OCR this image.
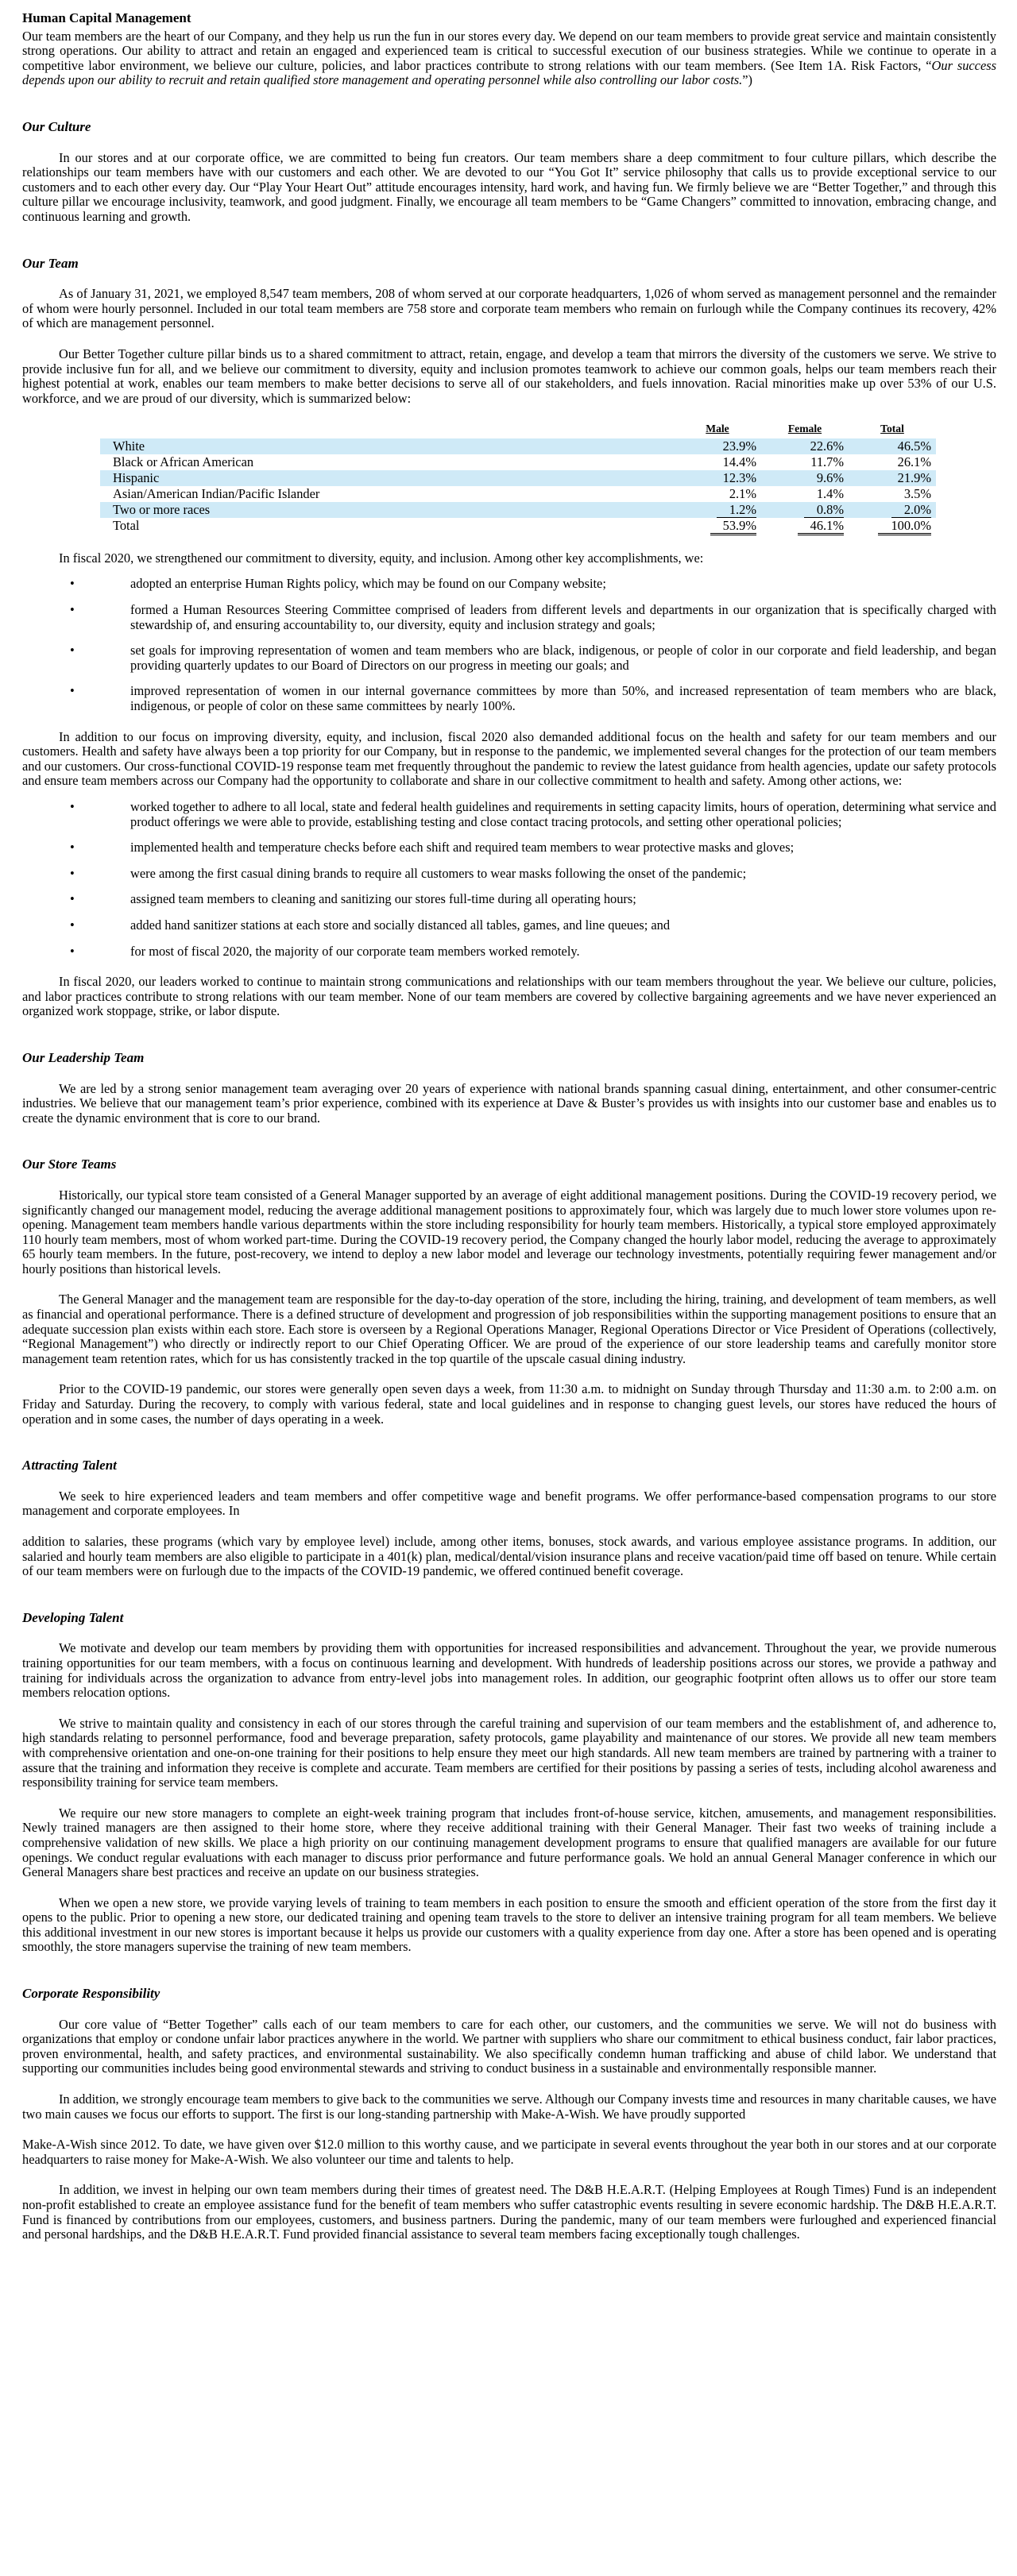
Human Capital Management

Our team members are the heart of our Company, and they help us run the fun in our stores every day. We depend on our team members to provide great service and maintain consistently strong operations. Our ability to attract and retain an engaged and experienced team is critical to successful execution of our business strategies. While we continue to operate in a competitive labor environment, we believe our culture, policies, and labor practices contribute to strong relations with our team members. (See Item 1A. Risk Factors, “Our success depends upon our ability to recruit and retain qualified store management and operating personnel while also controlling our labor costs.”)

Our Culture

In our stores and at our corporate office, we are committed to being fun creators. Our team members share a deep commitment to four culture pillars, which describe the relationships our team members have with our customers and each other. We are devoted to our “You Got It” service philosophy that calls us to provide exceptional service to our customers and to each other every day. Our “Play Your Heart Out” attitude encourages intensity, hard work, and having fun. We firmly believe we are “Better Together,” and through this culture pillar we encourage inclusivity, teamwork, and good judgment. Finally, we encourage all team members to be “Game Changers” committed to innovation, embracing change, and continuous learning and growth.

Our Team

As of January 31, 2021, we employed 8,547 team members, 208 of whom served at our corporate headquarters, 1,026 of whom served as management personnel and the remainder of whom were hourly personnel. Included in our total team members are 758 store and corporate team members who remain on furlough while the Company continues its recovery, 42% of which are management personnel.

Our Better Together culture pillar binds us to a shared commitment to attract, retain, engage, and develop a team that mirrors the diversity of the customers we serve. We strive to provide inclusive fun for all, and we believe our commitment to diversity, equity and inclusion promotes teamwork to achieve our common goals, helps our team members reach their highest potential at work, enables our team members to make better decisions to serve all of our stakeholders, and fuels innovation. Racial minorities make up over 53% of our U.S. workforce, and we are proud of our diversity, which is summarized below:

	Male	Female	Total
White	23.9%	22.6%	46.5%
Black or African American	14.4%	11.7%	26.1%
Hispanic	12.3%	9.6%	21.9%
Asian/American Indian/Pacific Islander	2.1%	1.4%	3.5%
Two or more races	1.2%	0.8%	2.0%
Total	53.9%	46.1%	100.0%

In fiscal 2020, we strengthened our commitment to diversity, equity, and inclusion. Among other key accomplishments, we:

•	adopted an enterprise Human Rights policy, which may be found on our Company website;
•	formed a Human Resources Steering Committee comprised of leaders from different levels and departments in our organization that is specifically charged with stewardship of, and ensuring accountability to, our diversity, equity and inclusion strategy and goals;
•	set goals for improving representation of women and team members who are black, indigenous, or people of color in our corporate and field leadership, and began providing quarterly updates to our Board of Directors on our progress in meeting our goals; and
•	improved representation of women in our internal governance committees by more than 50%, and increased representation of team members who are black, indigenous, or people of color on these same committees by nearly 100%.

In addition to our focus on improving diversity, equity, and inclusion, fiscal 2020 also demanded additional focus on the health and safety for our team members and our customers. Health and safety have always been a top priority for our Company, but in response to the pandemic, we implemented several changes for the protection of our team members and our customers. Our cross-functional COVID-19 response team met frequently throughout the pandemic to review the latest guidance from health agencies, update our safety protocols and ensure team members across our Company had the opportunity to collaborate and share in our collective commitment to health and safety. Among other actions, we:

•	worked together to adhere to all local, state and federal health guidelines and requirements in setting capacity limits, hours of operation, determining what service and product offerings we were able to provide, establishing testing and close contact tracing protocols, and setting other operational policies;
•	implemented health and temperature checks before each shift and required team members to wear protective masks and gloves;
•	were among the first casual dining brands to require all customers to wear masks following the onset of the pandemic;
•	assigned team members to cleaning and sanitizing our stores full-time during all operating hours;
•	added hand sanitizer stations at each store and socially distanced all tables, games, and line queues; and
•	for most of fiscal 2020, the majority of our corporate team members worked remotely.

In fiscal 2020, our leaders worked to continue to maintain strong communications and relationships with our team members throughout the year. We believe our culture, policies, and labor practices contribute to strong relations with our team member. None of our team members are covered by collective bargaining agreements and we have never experienced an organized work stoppage, strike, or labor dispute.

Our Leadership Team

We are led by a strong senior management team averaging over 20 years of experience with national brands spanning casual dining, entertainment, and other consumer-centric industries. We believe that our management team’s prior experience, combined with its experience at Dave & Buster’s provides us with insights into our customer base and enables us to create the dynamic environment that is core to our brand.

Our Store Teams

Historically, our typical store team consisted of a General Manager supported by an average of eight additional management positions. During the COVID-19 recovery period, we significantly changed our management model, reducing the average additional management positions to approximately four, which was largely due to much lower store volumes upon re-opening. Management team members handle various departments within the store including responsibility for hourly team members. Historically, a typical store employed approximately 110 hourly team members, most of whom worked part-time. During the COVID-19 recovery period, the Company changed the hourly labor model, reducing the average to approximately 65 hourly team members. In the future, post-recovery, we intend to deploy a new labor model and leverage our technology investments, potentially requiring fewer management and/or hourly positions than historical levels.

The General Manager and the management team are responsible for the day-to-day operation of the store, including the hiring, training, and development of team members, as well as financial and operational performance. There is a defined structure of development and progression of job responsibilities within the supporting management positions to ensure that an adequate succession plan exists within each store. Each store is overseen by a Regional Operations Manager, Regional Operations Director or Vice President of Operations (collectively, “Regional Management”) who directly or indirectly report to our Chief Operating Officer. We are proud of the experience of our store leadership teams and carefully monitor store management team retention rates, which for us has consistently tracked in the top quartile of the upscale casual dining industry.

Prior to the COVID-19 pandemic, our stores were generally open seven days a week, from 11:30 a.m. to midnight on Sunday through Thursday and 11:30 a.m. to 2:00 a.m. on Friday and Saturday. During the recovery, to comply with various federal, state and local guidelines and in response to changing guest levels, our stores have reduced the hours of operation and in some cases, the number of days operating in a week.

Attracting Talent

We seek to hire experienced leaders and team members and offer competitive wage and benefit programs. We offer performance-based compensation programs to our store management and corporate employees. In

addition to salaries, these programs (which vary by employee level) include, among other items, bonuses, stock awards, and various employee assistance programs. In addition, our salaried and hourly team members are also eligible to participate in a 401(k) plan, medical/dental/vision insurance plans and receive vacation/paid time off based on tenure. While certain of our team members were on furlough due to the impacts of the COVID-19 pandemic, we offered continued benefit coverage.

Developing Talent

We motivate and develop our team members by providing them with opportunities for increased responsibilities and advancement. Throughout the year, we provide numerous training opportunities for our team members, with a focus on continuous learning and development. With hundreds of leadership positions across our stores, we provide a pathway and training for individuals across the organization to advance from entry-level jobs into management roles. In addition, our geographic footprint often allows us to offer our store team members relocation options.

We strive to maintain quality and consistency in each of our stores through the careful training and supervision of our team members and the establishment of, and adherence to, high standards relating to personnel performance, food and beverage preparation, safety protocols, game playability and maintenance of our stores. We provide all new team members with comprehensive orientation and one-on-one training for their positions to help ensure they meet our high standards. All new team members are trained by partnering with a trainer to assure that the training and information they receive is complete and accurate. Team members are certified for their positions by passing a series of tests, including alcohol awareness and responsibility training for service team members.

We require our new store managers to complete an eight-week training program that includes front-of-house service, kitchen, amusements, and management responsibilities. Newly trained managers are then assigned to their home store, where they receive additional training with their General Manager. Their fast two weeks of training include a comprehensive validation of new skills. We place a high priority on our continuing management development programs to ensure that qualified managers are available for our future openings. We conduct regular evaluations with each manager to discuss prior performance and future performance goals. We hold an annual General Manager conference in which our General Managers share best practices and receive an update on our business strategies.

When we open a new store, we provide varying levels of training to team members in each position to ensure the smooth and efficient operation of the store from the first day it opens to the public. Prior to opening a new store, our dedicated training and opening team travels to the store to deliver an intensive training program for all team members. We believe this additional investment in our new stores is important because it helps us provide our customers with a quality experience from day one. After a store has been opened and is operating smoothly, the store managers supervise the training of new team members.

Corporate Responsibility

Our core value of “Better Together” calls each of our team members to care for each other, our customers, and the communities we serve. We will not do business with organizations that employ or condone unfair labor practices anywhere in the world. We partner with suppliers who share our commitment to ethical business conduct, fair labor practices, proven environmental, health, and safety practices, and environmental sustainability. We also specifically condemn human trafficking and abuse of child labor. We understand that supporting our communities includes being good environmental stewards and striving to conduct business in a sustainable and environmentally responsible manner.

In addition, we strongly encourage team members to give back to the communities we serve. Although our Company invests time and resources in many charitable causes, we have two main causes we focus our efforts to support. The first is our long-standing partnership with Make-A-Wish. We have proudly supported

Make-A-Wish since 2012. To date, we have given over $12.0 million to this worthy cause, and we participate in several events throughout the year both in our stores and at our corporate headquarters to raise money for Make-A-Wish. We also volunteer our time and talents to help.

In addition, we invest in helping our own team members during their times of greatest need. The D&B H.E.A.R.T. (Helping Employees at Rough Times) Fund is an independent non-profit established to create an employee assistance fund for the benefit of team members who suffer catastrophic events resulting in severe economic hardship. The D&B H.E.A.R.T. Fund is financed by contributions from our employees, customers, and business partners. During the pandemic, many of our team members were furloughed and experienced financial and personal hardships, and the D&B H.E.A.R.T. Fund provided financial assistance to several team members facing exceptionally tough challenges.
